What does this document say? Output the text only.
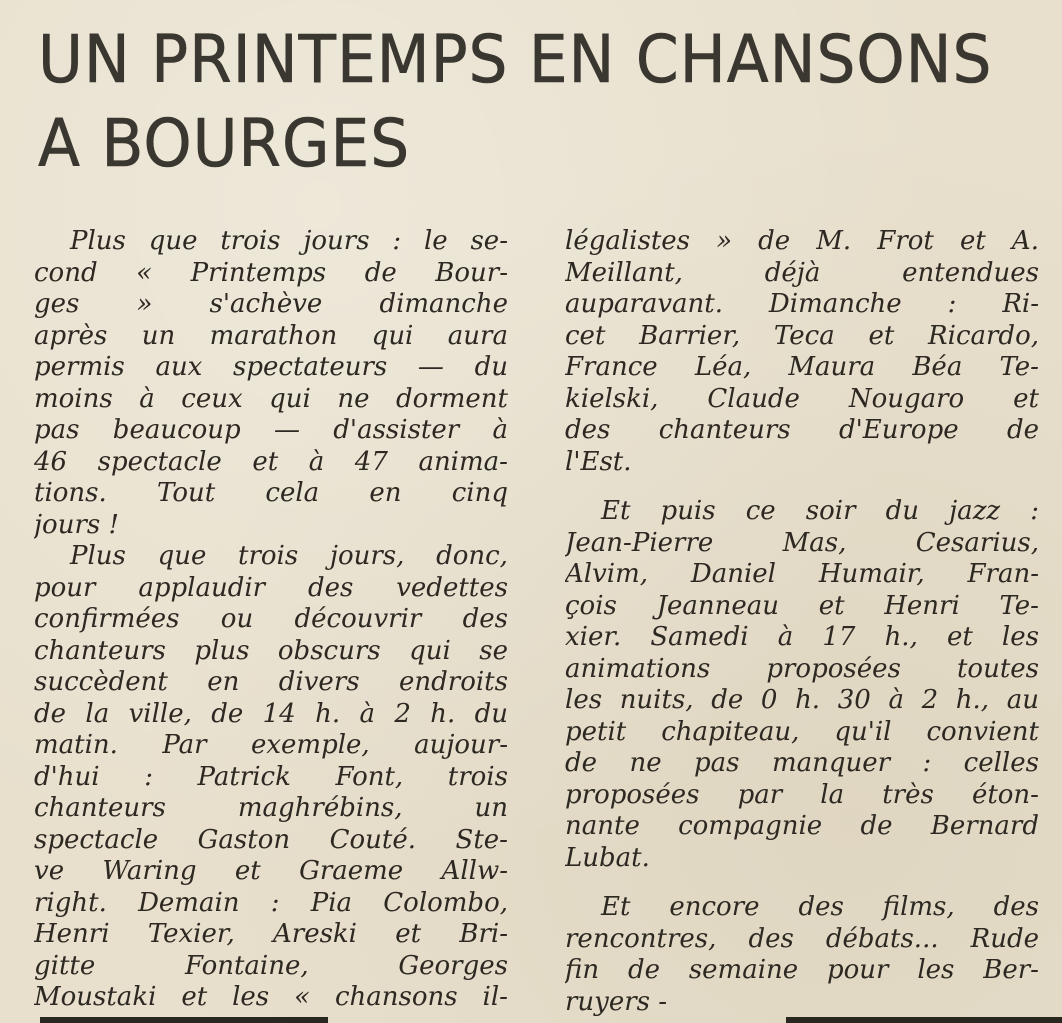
UN PRINTEMPS EN CHANSONS
A BOURGES
Plus que trois jours : le se-
cond « Printemps de Bour-
ges » s'achève dimanche
après un marathon qui aura
permis aux spectateurs — du
moins à ceux qui ne dorment
pas beaucoup — d'assister à
46 spectacle et à 47 anima-
tions. Tout cela en cinq
jours !
Plus que trois jours, donc,
pour applaudir des vedettes
confirmées ou découvrir des
chanteurs plus obscurs qui se
succèdent en divers endroits
de la ville, de 14 h. à 2 h. du
matin. Par exemple, aujour-
d'hui : Patrick Font, trois
chanteurs	maghrébins,	un
spectacle Gaston Couté. Ste-
ve Waring et Graeme Allw-
right. Demain : Pia Colombo,
Henri Texier, Areski et Bri-
gitte	Fontaine,	Georges
Moustaki et les « chansons il-
légalistes » de M. Frot et A.
Meillant,	déjà	entendues
auparavant. Dimanche : Ri-
cet Barrier, Teca et Ricardo,
France Léa, Maura Béa Te-
kielski, Claude Nougaro et
des chanteurs d'Europe de
l'Est.
Et puis ce soir du jazz :
Jean-Pierre	Mas,	Cesarius,
Alvim, Daniel Humair, Fran-
çois Jeanneau et Henri Te-
xier. Samedi à 17 h., et les
animations proposées toutes
les nuits, de 0 h. 30 à 2 h., au
petit chapiteau, qu'il convient
de ne pas manquer : celles
proposées par la très éton-
nante compagnie de Bernard
Lubat.
Et encore des films, des
rencontres, des débats... Rude
fin de semaine pour les Ber-
ruyers -
